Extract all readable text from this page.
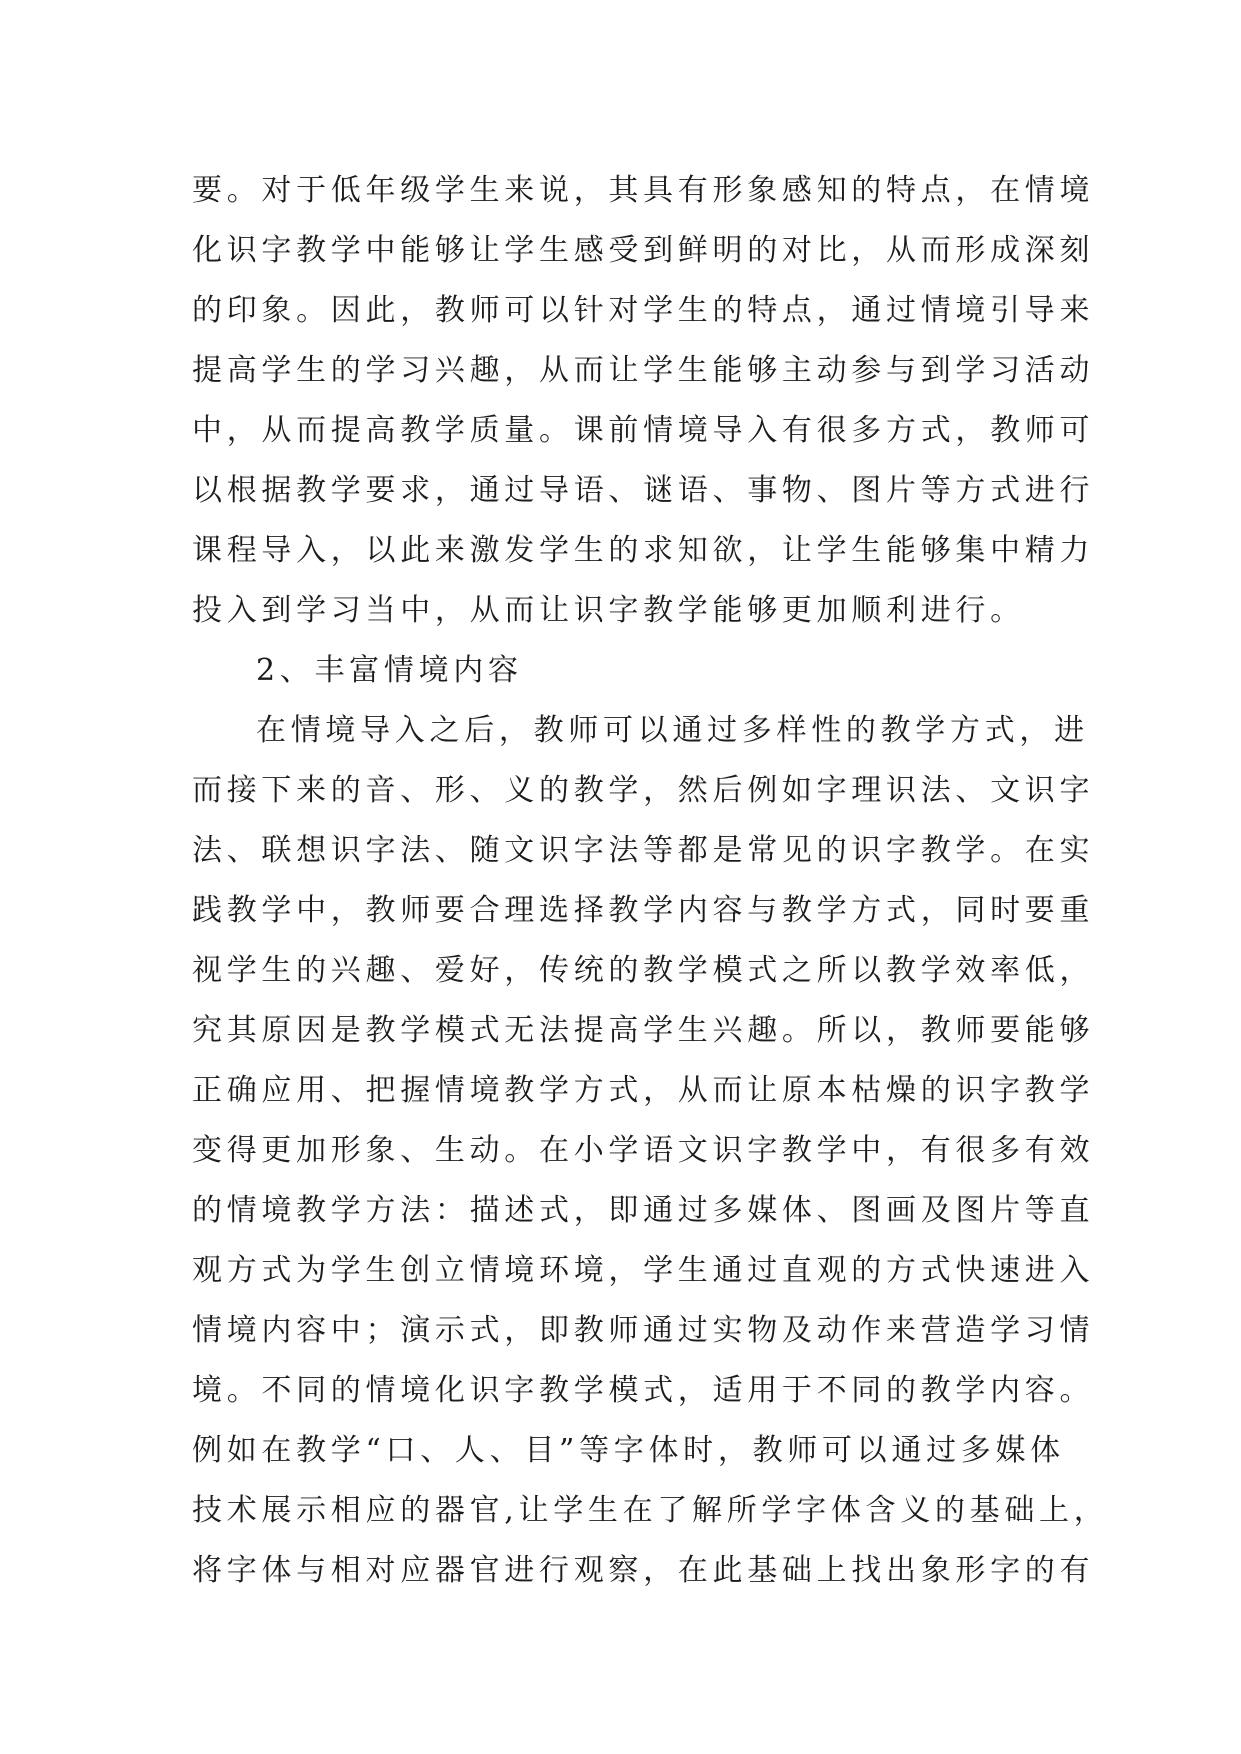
要。对于低年级学生来说，其具有形象感知的特点，在情境
化识字教学中能够让学生感受到鲜明的对比，从而形成深刻
的印象。因此，教师可以针对学生的特点，通过情境引导来
提高学生的学习兴趣，从而让学生能够主动参与到学习活动
中，从而提高教学质量。课前情境导入有很多方式，教师可
以根据教学要求，通过导语、谜语、事物、图片等方式进行
课程导入，以此来激发学生的求知欲，让学生能够集中精力
投入到学习当中，从而让识字教学能够更加顺利进行。
2、丰富情境内容
在情境导入之后，教师可以通过多样性的教学方式，进
而接下来的音、形、义的教学，然后例如字理识法、文识字
法、联想识字法、随文识字法等都是常见的识字教学。在实
践教学中，教师要合理选择教学内容与教学方式，同时要重
视学生的兴趣、爱好，传统的教学模式之所以教学效率低，
究其原因是教学模式无法提高学生兴趣。所以，教师要能够
正确应用、把握情境教学方式，从而让原本枯燥的识字教学
变得更加形象、生动。在小学语文识字教学中，有很多有效
的情境教学方法：描述式，即通过多媒体、图画及图片等直
观方式为学生创立情境环境，学生通过直观的方式快速进入
情境内容中；演示式，即教师通过实物及动作来营造学习情
境。不同的情境化识字教学模式，适用于不同的教学内容。
例如在教学“口、人、目”等字体时，教师可以通过多媒体
技术展示相应的器官,让学生在了解所学字体含义的基础上，
将字体与相对应器官进行观察，在此基础上找出象形字的有
